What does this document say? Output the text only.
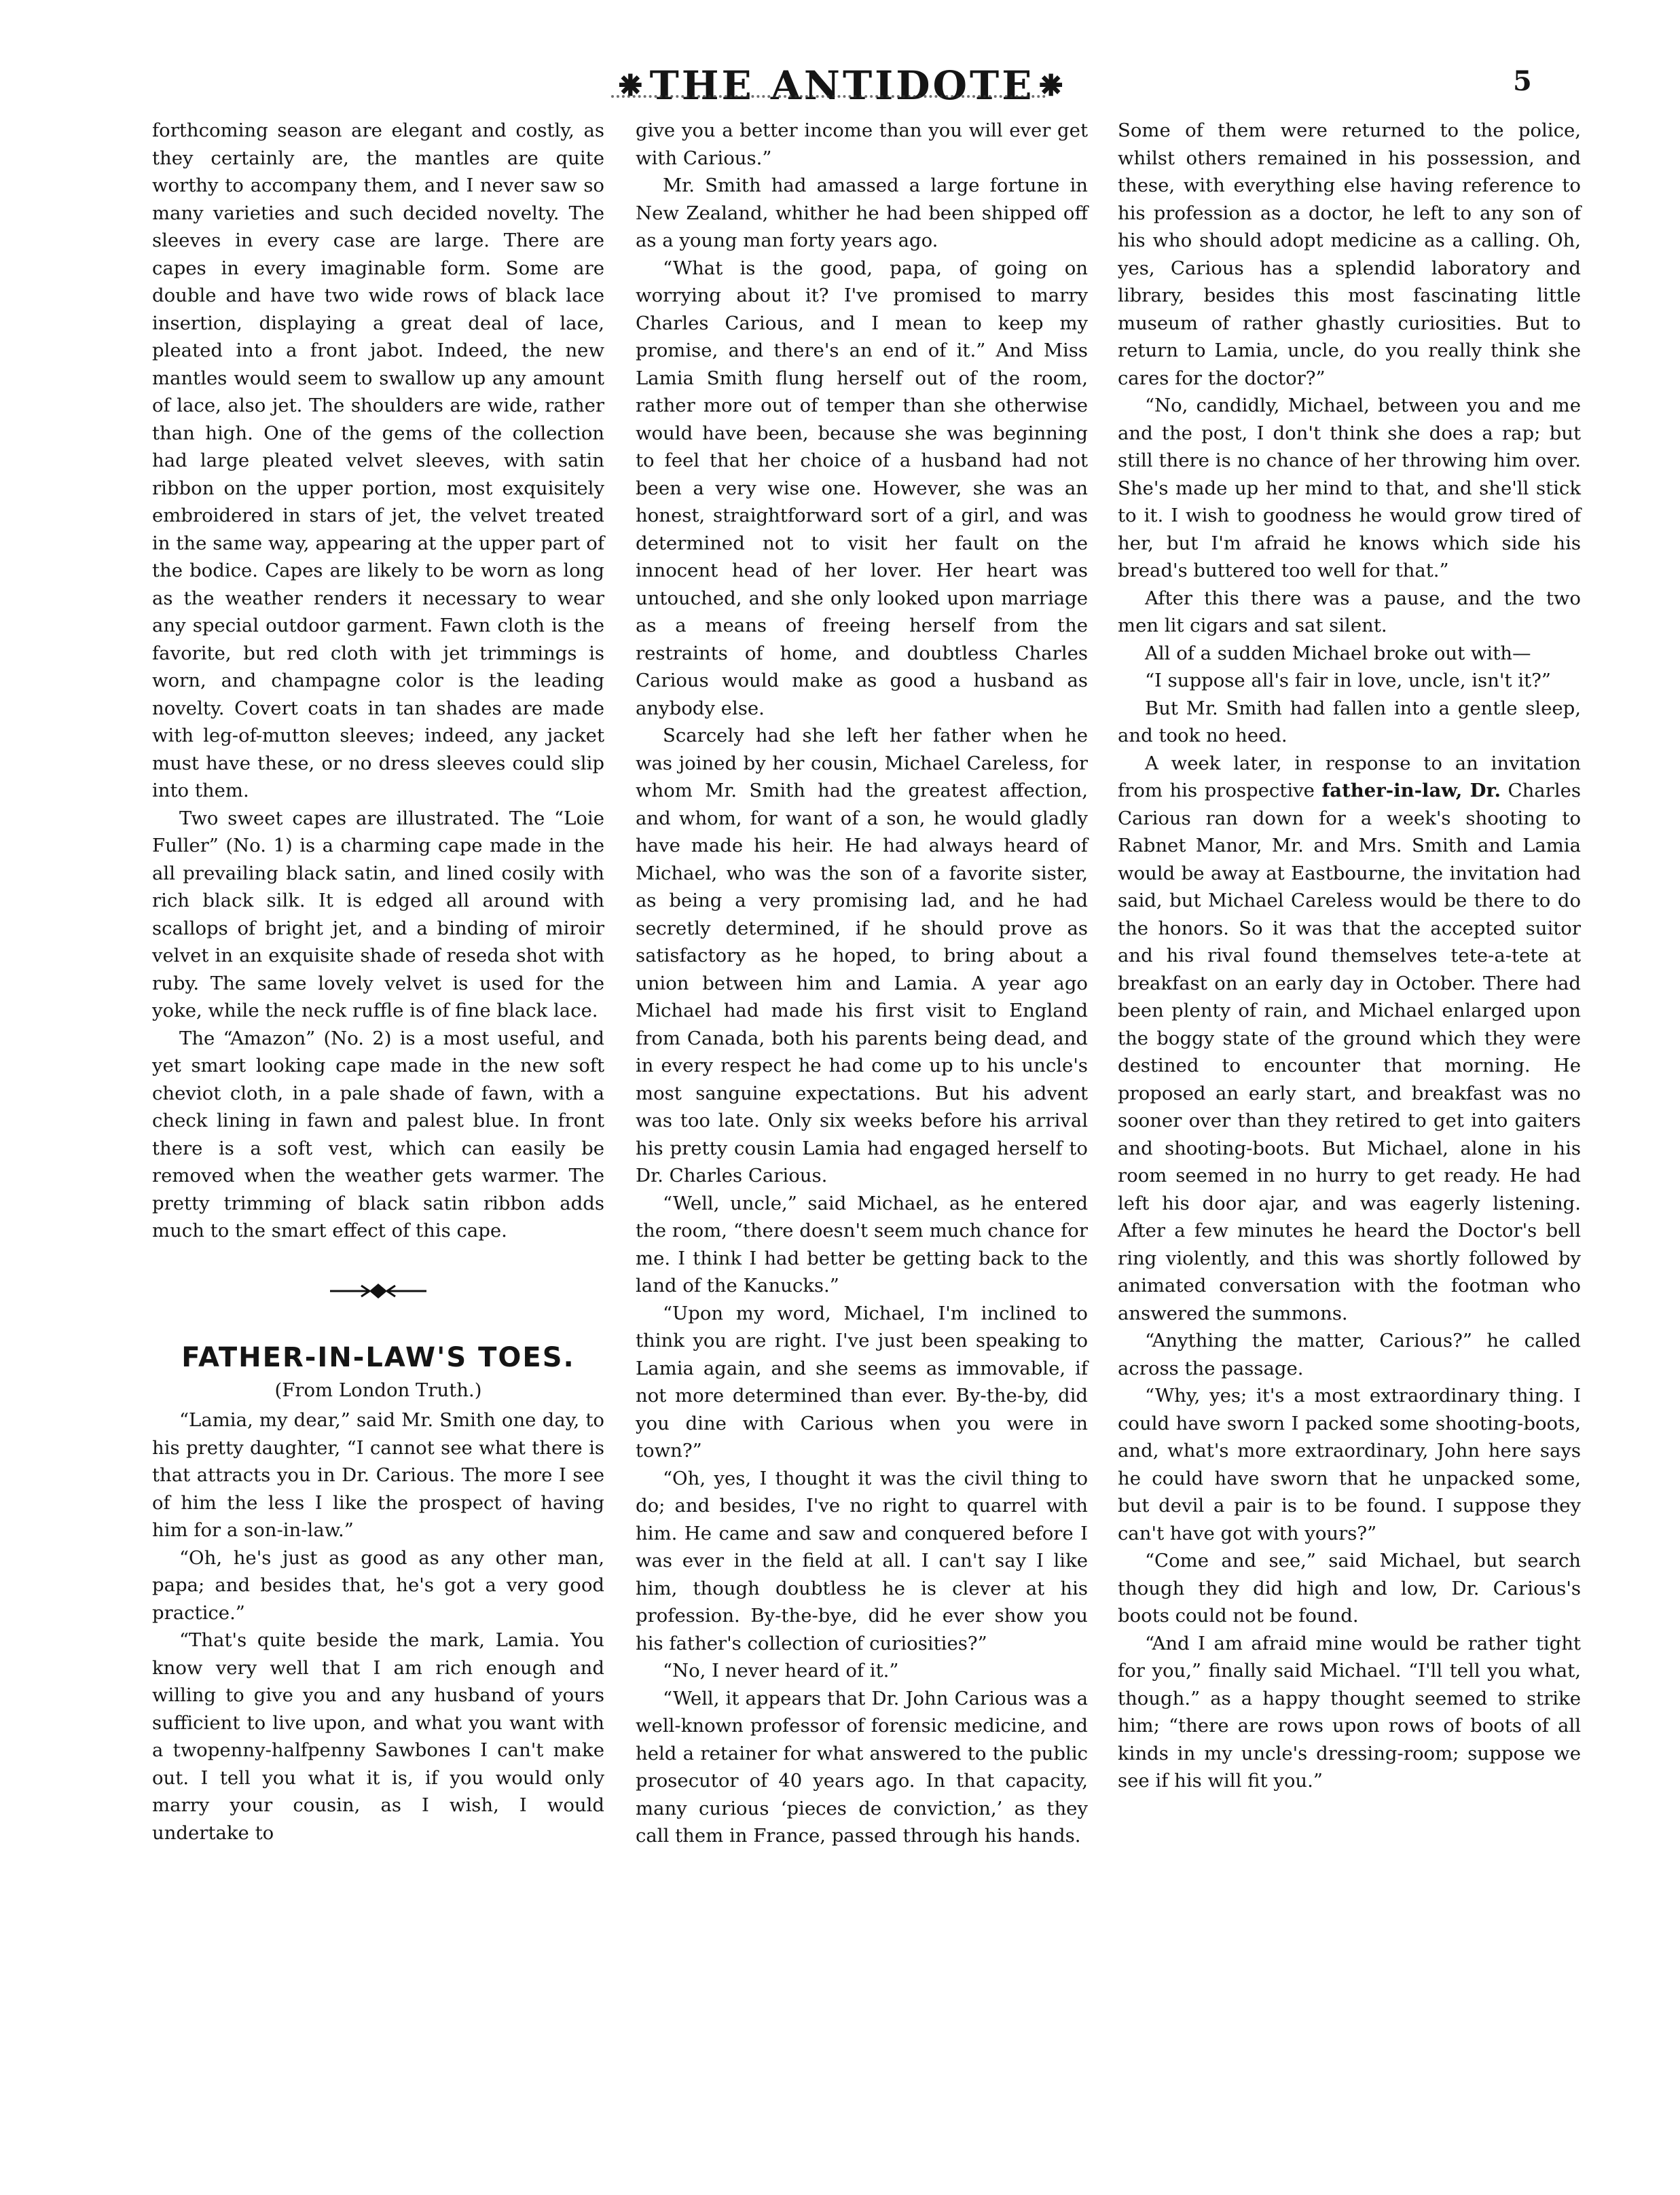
⁕THE ANTIDOTE⁕	5

forthcoming season are elegant and costly, as they certainly are, the mantles are quite worthy to accompany them, and I never saw so many varieties and such decided novelty. The sleeves in every case are large. There are capes in every imaginable form. Some are double and have two wide rows of black lace insertion, displaying a great deal of lace, pleated into a front jabot. Indeed, the new mantles would seem to swallow up any amount of lace, also jet. The shoulders are wide, rather than high. One of the gems of the collection had large pleated velvet sleeves, with satin ribbon on the upper portion, most exquisitely embroidered in stars of jet, the velvet treated in the same way, appearing at the upper part of the bodice. Capes are likely to be worn as long as the weather renders it necessary to wear any special outdoor garment. Fawn cloth is the favorite, but red cloth with jet trimmings is worn, and champagne color is the leading novelty. Covert coats in tan shades are made with leg-of-mutton sleeves; indeed, any jacket must have these, or no dress sleeves could slip into them.

Two sweet capes are illustrated. The “Loie Fuller” (No. 1) is a charming cape made in the all prevailing black satin, and lined cosily with rich black silk. It is edged all around with scallops of bright jet, and a binding of miroir velvet in an exquisite shade of reseda shot with ruby. The same lovely velvet is used for the yoke, while the neck ruffle is of fine black lace.

The “Amazon” (No. 2) is a most useful, and yet smart looking cape made in the new soft cheviot cloth, in a pale shade of fawn, with a check lining in fawn and palest blue. In front there is a soft vest, which can easily be removed when the weather gets warmer. The pretty trimming of black satin ribbon adds much to the smart effect of this cape.

FATHER-IN-LAW'S TOES.

(From London Truth.)

“Lamia, my dear,” said Mr. Smith one day, to his pretty daughter, “I cannot see what there is that attracts you in Dr. Carious. The more I see of him the less I like the prospect of having him for a son-in-law.”

“Oh, he's just as good as any other man, papa; and besides that, he's got a very good practice.”

“That's quite beside the mark, Lamia. You know very well that I am rich enough and willing to give you and any husband of yours sufficient to live upon, and what you want with a twopenny-halfpenny Sawbones I can't make out. I tell you what it is, if you would only marry your cousin, as I wish, I would undertake to

give you a better income than you will ever get with Carious.”

Mr. Smith had amassed a large fortune in New Zealand, whither he had been shipped off as a young man forty years ago.

“What is the good, papa, of going on worrying about it? I've promised to marry Charles Carious, and I mean to keep my promise, and there's an end of it.” And Miss Lamia Smith flung herself out of the room, rather more out of temper than she otherwise would have been, because she was beginning to feel that her choice of a husband had not been a very wise one. However, she was an honest, straightforward sort of a girl, and was determined not to visit her fault on the innocent head of her lover. Her heart was untouched, and she only looked upon marriage as a means of freeing herself from the restraints of home, and doubtless Charles Carious would make as good a husband as anybody else.

Scarcely had she left her father when he was joined by her cousin, Michael Careless, for whom Mr. Smith had the greatest affection, and whom, for want of a son, he would gladly have made his heir. He had always heard of Michael, who was the son of a favorite sister, as being a very promising lad, and he had secretly determined, if he should prove as satisfactory as he hoped, to bring about a union between him and Lamia. A year ago Michael had made his first visit to England from Canada, both his parents being dead, and in every respect he had come up to his uncle's most sanguine expectations. But his advent was too late. Only six weeks before his arrival his pretty cousin Lamia had engaged herself to Dr. Charles Carious.

“Well, uncle,” said Michael, as he entered the room, “there doesn't seem much chance for me. I think I had better be getting back to the land of the Kanucks.”

“Upon my word, Michael, I'm inclined to think you are right. I've just been speaking to Lamia again, and she seems as immovable, if not more determined than ever. By-the-by, did you dine with Carious when you were in town?”

“Oh, yes, I thought it was the civil thing to do; and besides, I've no right to quarrel with him. He came and saw and conquered before I was ever in the field at all. I can't say I like him, though doubtless he is clever at his profession. By-the-bye, did he ever show you his father's collection of curiosities?”

“No, I never heard of it.”

“Well, it appears that Dr. John Carious was a well-known professor of forensic medicine, and held a retainer for what answered to the public prosecutor of 40 years ago. In that capacity, many curious ‘pieces de conviction,’ as they call them in France, passed through his hands.

Some of them were returned to the police, whilst others remained in his possession, and these, with everything else having reference to his profession as a doctor, he left to any son of his who should adopt medicine as a calling. Oh, yes, Carious has a splendid laboratory and library, besides this most fascinating little museum of rather ghastly curiosities. But to return to Lamia, uncle, do you really think she cares for the doctor?”

“No, candidly, Michael, between you and me and the post, I don't think she does a rap; but still there is no chance of her throwing him over. She's made up her mind to that, and she'll stick to it. I wish to goodness he would grow tired of her, but I'm afraid he knows which side his bread's buttered too well for that.”

After this there was a pause, and the two men lit cigars and sat silent.

All of a sudden Michael broke out with—

“I suppose all's fair in love, uncle, isn't it?”

But Mr. Smith had fallen into a gentle sleep, and took no heed.

A week later, in response to an invitation from his prospective father-in-law, Dr. Charles Carious ran down for a week's shooting to Rabnet Manor, Mr. and Mrs. Smith and Lamia would be away at Eastbourne, the invitation had said, but Michael Careless would be there to do the honors. So it was that the accepted suitor and his rival found themselves tete-a-tete at breakfast on an early day in October. There had been plenty of rain, and Michael enlarged upon the boggy state of the ground which they were destined to encounter that morning. He proposed an early start, and breakfast was no sooner over than they retired to get into gaiters and shooting-boots. But Michael, alone in his room seemed in no hurry to get ready. He had left his door ajar, and was eagerly listening. After a few minutes he heard the Doctor's bell ring violently, and this was shortly followed by animated conversation with the footman who answered the summons.

“Anything the matter, Carious?” he called across the passage.

“Why, yes; it's a most extraordinary thing. I could have sworn I packed some shooting-boots, and, what's more extraordinary, John here says he could have sworn that he unpacked some, but devil a pair is to be found. I suppose they can't have got with yours?”

“Come and see,” said Michael, but search though they did high and low, Dr. Carious's boots could not be found.

“And I am afraid mine would be rather tight for you,” finally said Michael. “I'll tell you what, though.” as a happy thought seemed to strike him; “there are rows upon rows of boots of all kinds in my uncle's dressing-room; suppose we see if his will fit you.”
